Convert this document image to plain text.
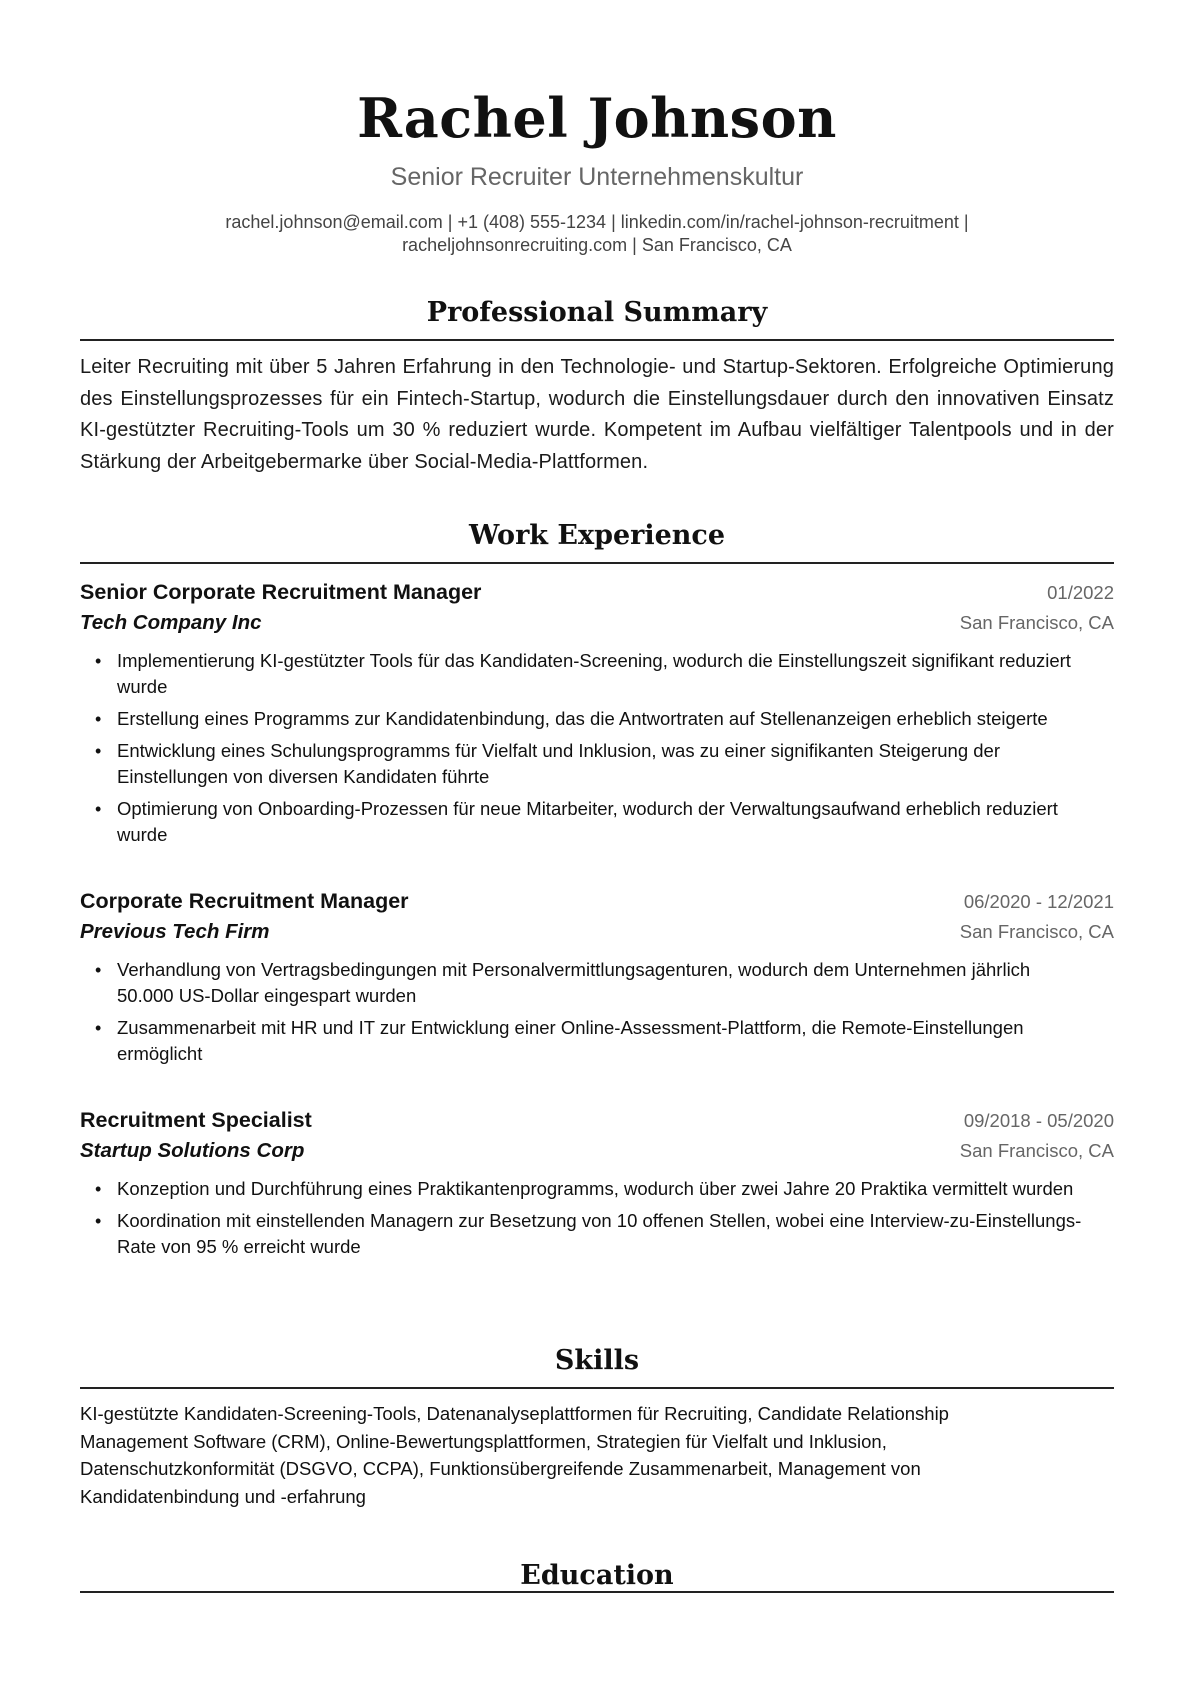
Rachel Johnson
Senior Recruiter Unternehmenskultur
rachel.johnson@email.com | +1 (408) 555-1234 | linkedin.com/in/rachel-johnson-recruitment |
racheljohnsonrecruiting.com | San Francisco, CA
Professional Summary
Leiter Recruiting mit über 5 Jahren Erfahrung in den Technologie- und Startup-Sektoren. Erfolgreiche Optimierung des Einstellungsprozesses für ein Fintech-Startup, wodurch die Einstellungsdauer durch den innovativen Einsatz KI-gestützter Recruiting-Tools um 30 % reduziert wurde. Kompetent im Aufbau vielfältiger Talentpools und in der Stärkung der Arbeitgebermarke über Social-Media-Plattformen.
Work Experience
Senior Corporate Recruitment Manager	01/2022
Tech Company Inc	San Francisco, CA
• Implementierung KI-gestützter Tools für das Kandidaten-Screening, wodurch die Einstellungszeit signifikant reduziert wurde
• Erstellung eines Programms zur Kandidatenbindung, das die Antwortraten auf Stellenanzeigen erheblich steigerte
• Entwicklung eines Schulungsprogramms für Vielfalt und Inklusion, was zu einer signifikanten Steigerung der Einstellungen von diversen Kandidaten führte
• Optimierung von Onboarding-Prozessen für neue Mitarbeiter, wodurch der Verwaltungsaufwand erheblich reduziert wurde
Corporate Recruitment Manager	06/2020 - 12/2021
Previous Tech Firm	San Francisco, CA
• Verhandlung von Vertragsbedingungen mit Personalvermittlungsagenturen, wodurch dem Unternehmen jährlich 50.000 US-Dollar eingespart wurden
• Zusammenarbeit mit HR und IT zur Entwicklung einer Online-Assessment-Plattform, die Remote-Einstellungen ermöglicht
Recruitment Specialist	09/2018 - 05/2020
Startup Solutions Corp	San Francisco, CA
• Konzeption und Durchführung eines Praktikantenprogramms, wodurch über zwei Jahre 20 Praktika vermittelt wurden
• Koordination mit einstellenden Managern zur Besetzung von 10 offenen Stellen, wobei eine Interview-zu-Einstellungs-Rate von 95 % erreicht wurde
Skills
KI-gestützte Kandidaten-Screening-Tools, Datenanalyseplattformen für Recruiting, Candidate Relationship Management Software (CRM), Online-Bewertungsplattformen, Strategien für Vielfalt und Inklusion, Datenschutzkonformität (DSGVO, CCPA), Funktionsübergreifende Zusammenarbeit, Management von Kandidatenbindung und -erfahrung
Education
